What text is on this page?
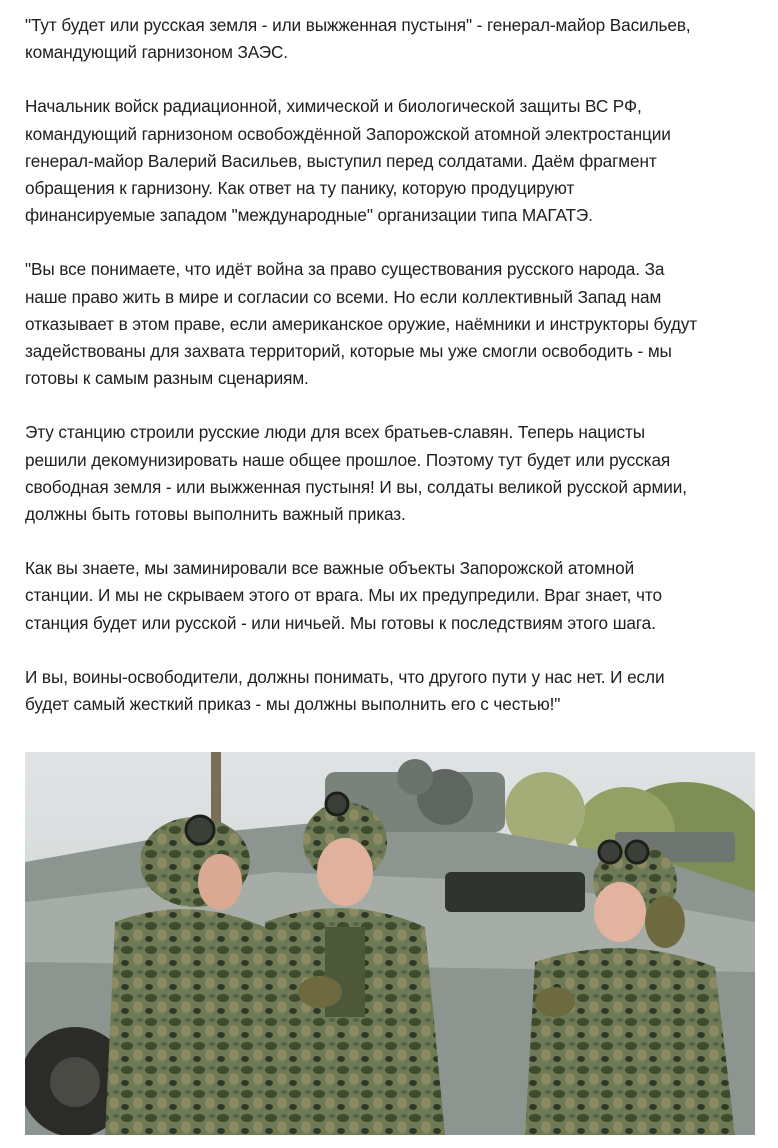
"Тут будет или русская земля - или выжженная пустыня" - генерал-майор Васильев,
командующий гарнизоном ЗАЭС.

Начальник войск радиационной, химической и биологической защиты ВС РФ,
командующий гарнизоном освобождённой Запорожской атомной электростанции
генерал-майор Валерий Васильев, выступил перед солдатами. Даём фрагмент
обращения к гарнизону. Как ответ на ту панику, которую продуцируют
финансируемые западом "международные" организации типа МАГАТЭ.

"Вы все понимаете, что идёт война за право существования русского народа. За
наше право жить в мире и согласии со всеми. Но если коллективный Запад нам
отказывает в этом праве, если американское оружие, наёмники и инструкторы будут
задействованы для захвата территорий, которые мы уже смогли освободить - мы
готовы к самым разным сценариям.

Эту станцию строили русские люди для всех братьев-славян. Теперь нацисты
решили декомунизировать наше общее прошлое. Поэтому тут будет или русская
свободная земля - или выжженная пустыня! И вы, солдаты великой русской армии,
должны быть готовы выполнить важный приказ.

Как вы знаете, мы заминировали все важные объекты Запорожской атомной
станции. И мы не скрываем этого от врага. Мы их предупредили. Враг знает, что
станция будет или русской - или ничьей. Мы готовы к последствиям этого шага.

И вы, воины-освободители, должны понимать, что другого пути у нас нет. И если
будет самый жесткий приказ - мы должны выполнить его с честью!"
